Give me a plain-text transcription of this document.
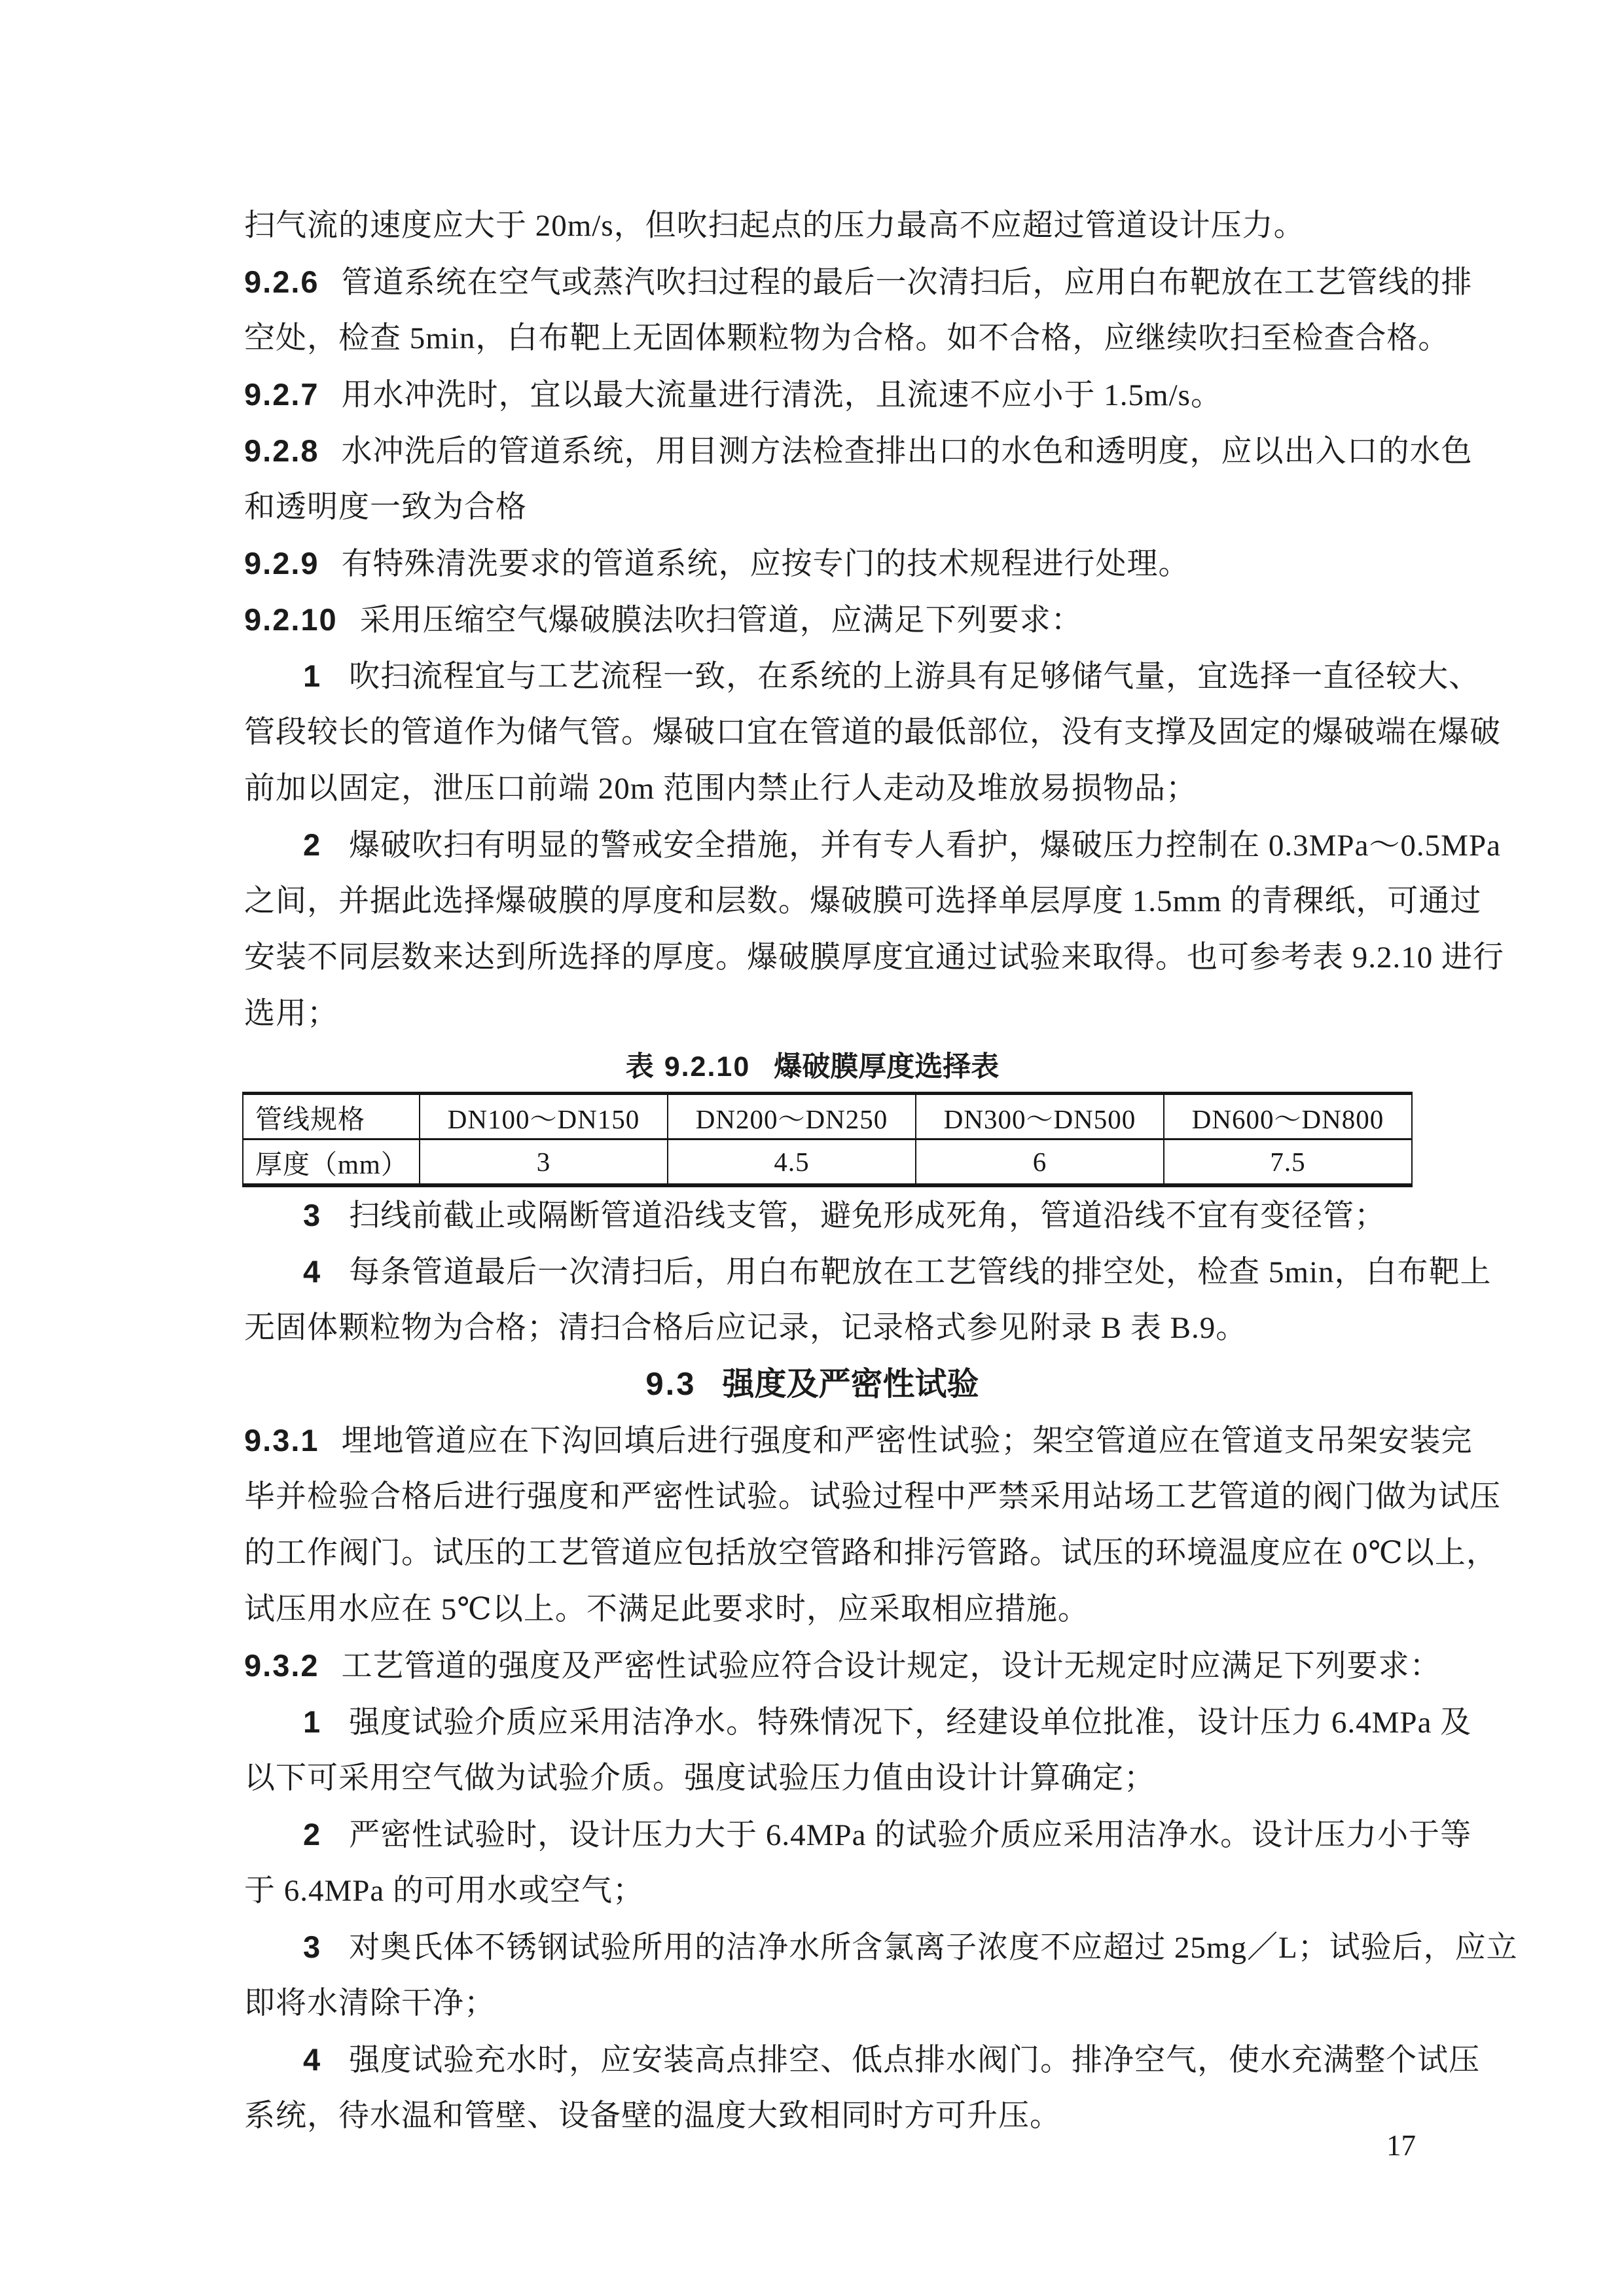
扫气流的速度应大于 20m/s，但吹扫起点的压力最高不应超过管道设计压力。
9.2.6 管道系统在空气或蒸汽吹扫过程的最后一次清扫后，应用白布靶放在工艺管线的排
空处，检查 5min，白布靶上无固体颗粒物为合格。如不合格，应继续吹扫至检查合格。
9.2.7 用水冲洗时，宜以最大流量进行清洗，且流速不应小于 1.5m/s。
9.2.8 水冲洗后的管道系统，用目测方法检查排出口的水色和透明度，应以出入口的水色
和透明度一致为合格
9.2.9 有特殊清洗要求的管道系统，应按专门的技术规程进行处理。
9.2.10 采用压缩空气爆破膜法吹扫管道，应满足下列要求：
1 吹扫流程宜与工艺流程一致，在系统的上游具有足够储气量，宜选择一直径较大、
管段较长的管道作为储气管。爆破口宜在管道的最低部位，没有支撑及固定的爆破端在爆破
前加以固定，泄压口前端 20m 范围内禁止行人走动及堆放易损物品；
2 爆破吹扫有明显的警戒安全措施，并有专人看护，爆破压力控制在 0.3MPa～0.5MPa
之间，并据此选择爆破膜的厚度和层数。爆破膜可选择单层厚度 1.5mm 的青稞纸，可通过
安装不同层数来达到所选择的厚度。爆破膜厚度宜通过试验来取得。也可参考表 9.2.10 进行
选用；
表 9.2.10 爆破膜厚度选择表
管线规格	DN100～DN150	DN200～DN250	DN300～DN500	DN600～DN800
厚度（mm）	3	4.5	6	7.5
3 扫线前截止或隔断管道沿线支管，避免形成死角，管道沿线不宜有变径管；
4 每条管道最后一次清扫后，用白布靶放在工艺管线的排空处，检查 5min，白布靶上
无固体颗粒物为合格；清扫合格后应记录，记录格式参见附录 B 表 B.9。
9.3 强度及严密性试验
9.3.1 埋地管道应在下沟回填后进行强度和严密性试验；架空管道应在管道支吊架安装完
毕并检验合格后进行强度和严密性试验。试验过程中严禁采用站场工艺管道的阀门做为试压
的工作阀门。试压的工艺管道应包括放空管路和排污管路。试压的环境温度应在 0℃以上，
试压用水应在 5℃以上。不满足此要求时，应采取相应措施。
9.3.2 工艺管道的强度及严密性试验应符合设计规定，设计无规定时应满足下列要求：
1 强度试验介质应采用洁净水。特殊情况下，经建设单位批准，设计压力 6.4MPa 及
以下可采用空气做为试验介质。强度试验压力值由设计计算确定；
2 严密性试验时，设计压力大于 6.4MPa 的试验介质应采用洁净水。设计压力小于等
于 6.4MPa 的可用水或空气；
3 对奥氏体不锈钢试验所用的洁净水所含氯离子浓度不应超过 25mg／L；试验后，应立
即将水清除干净；
4 强度试验充水时，应安装高点排空、低点排水阀门。排净空气，使水充满整个试压
系统，待水温和管壁、设备壁的温度大致相同时方可升压。
17
